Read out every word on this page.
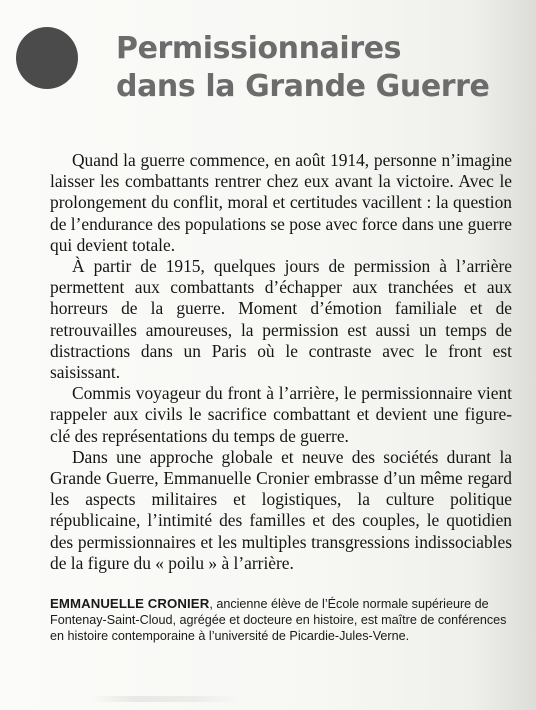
Permissionnaires
dans la Grande Guerre

Quand la guerre commence, en août 1914, personne n’imagine laisser les combattants rentrer chez eux avant la victoire. Avec le prolongement du conflit, moral et certitudes vacillent : la question de l’endurance des populations se pose avec force dans une guerre qui devient totale.

À partir de 1915, quelques jours de permission à l’arrière permettent aux combattants d’échapper aux tranchées et aux horreurs de la guerre. Moment d’émotion familiale et de retrouvailles amoureuses, la permission est aussi un temps de distractions dans un Paris où le contraste avec le front est saisissant.

Commis voyageur du front à l’arrière, le permissionnaire vient rappeler aux civils le sacrifice combattant et devient une figure-clé des représentations du temps de guerre.

Dans une approche globale et neuve des sociétés durant la Grande Guerre, Emmanuelle Cronier embrasse d’un même regard les aspects militaires et logistiques, la culture politique républicaine, l’intimité des familles et des couples, le quotidien des permissionnaires et les multiples transgressions indissociables de la figure du « poilu » à l’arrière.

EMMANUELLE CRONIER, ancienne élève de l’École normale supérieure de Fontenay-Saint-Cloud, agrégée et docteure en histoire, est maître de conférences en histoire contemporaine à l’université de Picardie-Jules-Verne.
